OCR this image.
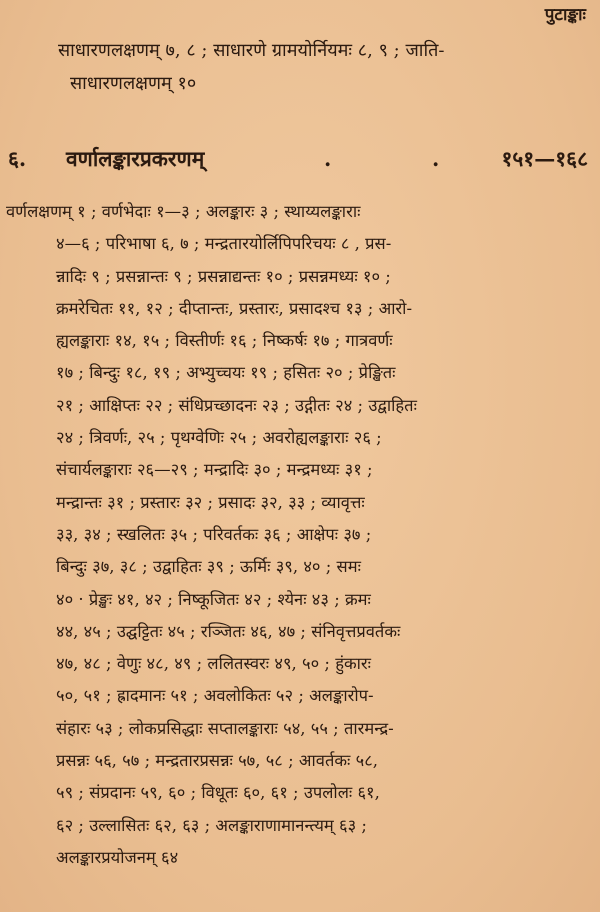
पुटाङ्काः
साधारणलक्षणम् ७, ८ ; साधारणे ग्रामयोर्नियमः ८, ९ ; जाति-
साधारणलक्षणम् १०
६. वर्णालङ्कारप्रकरणम्	.	.	१५१—१६८
वर्णलक्षणम् १ ; वर्णभेदाः १—३ ; अलङ्कारः ३ ; स्थाय्यलङ्काराः
४—६ ; परिभाषा ६, ७ ; मन्द्रतारयोर्लिपिपरिचयः ८ , प्रस-
न्नादिः ९ ; प्रसन्नान्तः ९ ; प्रसन्नाद्यन्तः १० ; प्रसन्नमध्यः १० ;
क्रमरेचितः ११, १२ ; दीप्तान्तः, प्रस्तारः, प्रसादश्च १३ ; आरो-
ह्यलङ्काराः १४, १५ ; विस्तीर्णः १६ ; निष्कर्षः १७ ; गात्रवर्णः
१७ ; बिन्दुः १८, १९ ; अभ्युच्चयः १९ ; हसितः २० ; प्रेङ्खितः
२१ ; आक्षिप्तः २२ ; संधिप्रच्छादनः २३ ; उद्गीतः २४ ; उद्वाहितः
२४ ; त्रिवर्णः, २५ ; पृथग्वेणिः २५ ; अवरोह्यलङ्काराः २६ ;
संचार्यलङ्काराः २६—२९ ; मन्द्रादिः ३० ; मन्द्रमध्यः ३१ ;
मन्द्रान्तः ३१ ; प्रस्तारः ३२ ; प्रसादः ३२, ३३ ; व्यावृत्तः
३३, ३४ ; स्खलितः ३५ ; परिवर्तकः ३६ ; आक्षेपः ३७ ;
बिन्दुः ३७, ३८ ; उद्वाहितः ३९ ; ऊर्मिः ३९, ४० ; समः
४० · प्रेङ्खः ४१, ४२ ; निष्कूजितः ४२ ; श्येनः ४३ ; क्रमः
४४, ४५ ; उद्घट्टितः ४५ ; रञ्जितः ४६, ४७ ; संनिवृत्तप्रवर्तकः
४७, ४८ ; वेणुः ४८, ४९ ; ललितस्वरः ४९, ५० ; हुंकारः
५०, ५१ ; ह्रादमानः ५१ ; अवलोकितः ५२ ; अलङ्कारोप-
संहारः ५३ ; लोकप्रसिद्धाः सप्तालङ्काराः ५४, ५५ ; तारमन्द्र-
प्रसन्नः ५६, ५७ ; मन्द्रतारप्रसन्नः ५७, ५८ ; आवर्तकः ५८,
५९ ; संप्रदानः ५९, ६० ; विधूतः ६०, ६१ ; उपलोलः ६१,
६२ ; उल्लासितः ६२, ६३ ; अलङ्काराणामानन्त्यम् ६३ ;
अलङ्कारप्रयोजनम् ६४
